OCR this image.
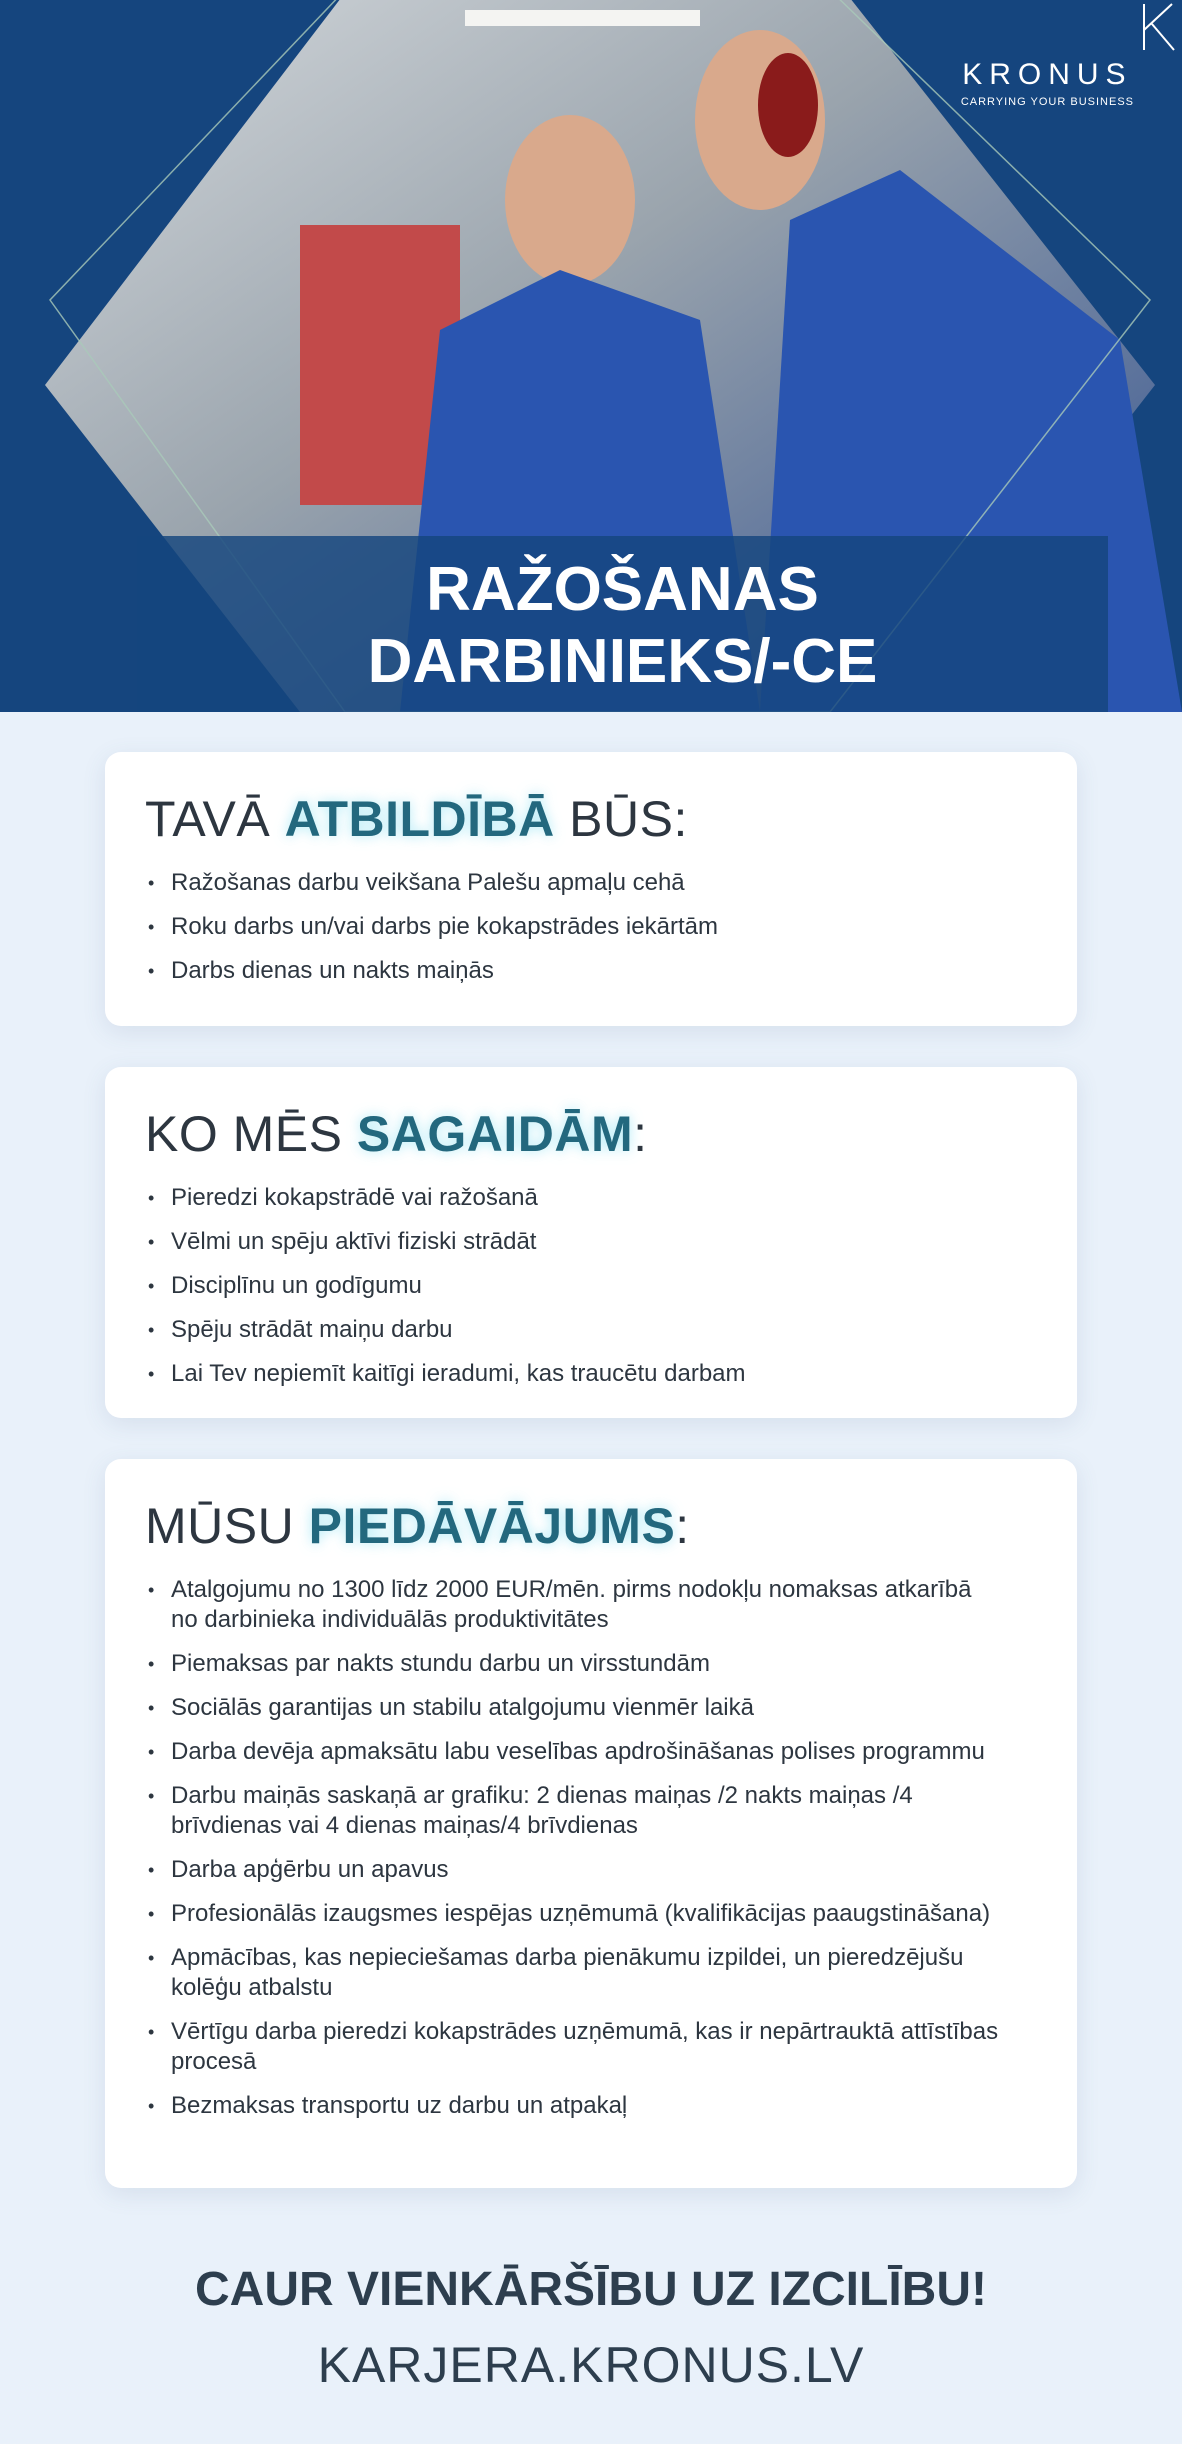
KRONUS
CARRYING YOUR BUSINESS
RAŽOŠANAS
DARBINIEKS/-CE
TAVĀ ATBILDĪBĀ BŪS:
• Ražošanas darbu veikšana Palešu apmaļu cehā
• Roku darbs un/vai darbs pie kokapstrādes iekārtām
• Darbs dienas un nakts maiņās
KO MĒS SAGAIDĀM:
• Pieredzi kokapstrādē vai ražošanā
• Vēlmi un spēju aktīvi fiziski strādāt
• Disciplīnu un godīgumu
• Spēju strādāt maiņu darbu
• Lai Tev nepiemīt kaitīgi ieradumi, kas traucētu darbam
MŪSU PIEDĀVĀJUMS:
• Atalgojumu no 1300 līdz 2000 EUR/mēn. pirms nodokļu nomaksas atkarībā no darbinieka individuālās produktivitātes
• Piemaksas par nakts stundu darbu un virsstundām
• Sociālās garantijas un stabilu atalgojumu vienmēr laikā
• Darba devēja apmaksātu labu veselības apdrošināšanas polises programmu
• Darbu maiņās saskaņā ar grafiku: 2 dienas maiņas /2 nakts maiņas /4 brīvdienas vai 4 dienas maiņas/4 brīvdienas
• Darba apģērbu un apavus
• Profesionālās izaugsmes iespējas uzņēmumā (kvalifikācijas paaugstināšana)
• Apmācības, kas nepieciešamas darba pienākumu izpildei, un pieredzējušu kolēģu atbalstu
• Vērtīgu darba pieredzi kokapstrādes uzņēmumā, kas ir nepārtrauktā attīstības procesā
• Bezmaksas transportu uz darbu un atpakaļ
CAUR VIENKĀRŠĪBU UZ IZCILĪBU!
KARJERA.KRONUS.LV
